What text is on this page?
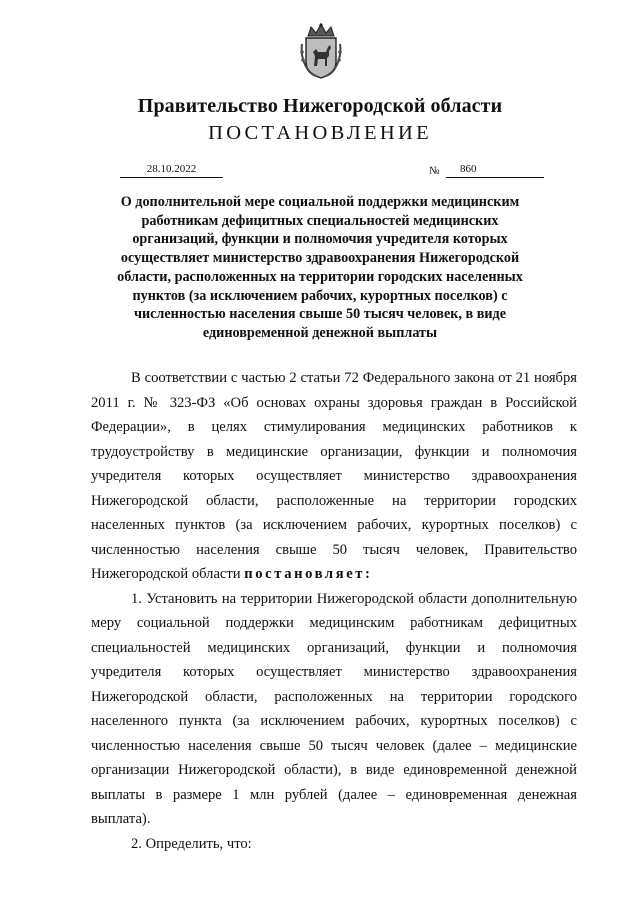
Правительство Нижегородской области
ПОСТАНОВЛЕНИЕ
28.10.2022	№ 860
О дополнительной мере социальной поддержки медицинским работникам дефицитных специальностей медицинских организаций, функции и полномочия учредителя которых осуществляет министерство здравоохранения Нижегородской области, расположенных на территории городских населенных пунктов (за исключением рабочих, курортных поселков) с численностью населения свыше 50 тысяч человек, в виде единовременной денежной выплаты

В соответствии с частью 2 статьи 72 Федерального закона от 21 ноября 2011 г. № 323-ФЗ «Об основах охраны здоровья граждан в Российской Федерации», в целях стимулирования медицинских работников к трудоустройству в медицинские организации, функции и полномочия учредителя которых осуществляет министерство здравоохранения Нижегородской области, расположенные на территории городских населенных пунктов (за исключением рабочих, курортных поселков) с численностью населения свыше 50 тысяч человек, Правительство Нижегородской области постановляет:

1. Установить на территории Нижегородской области дополнительную меру социальной поддержки медицинским работникам дефицитных специальностей медицинских организаций, функции и полномочия учредителя которых осуществляет министерство здравоохранения Нижегородской области, расположенных на территории городского населенного пункта (за исключением рабочих, курортных поселков) с численностью населения свыше 50 тысяч человек (далее – медицинские организации Нижегородской области), в виде единовременной денежной выплаты в размере 1 млн рублей (далее – единовременная денежная выплата).

2. Определить, что:
